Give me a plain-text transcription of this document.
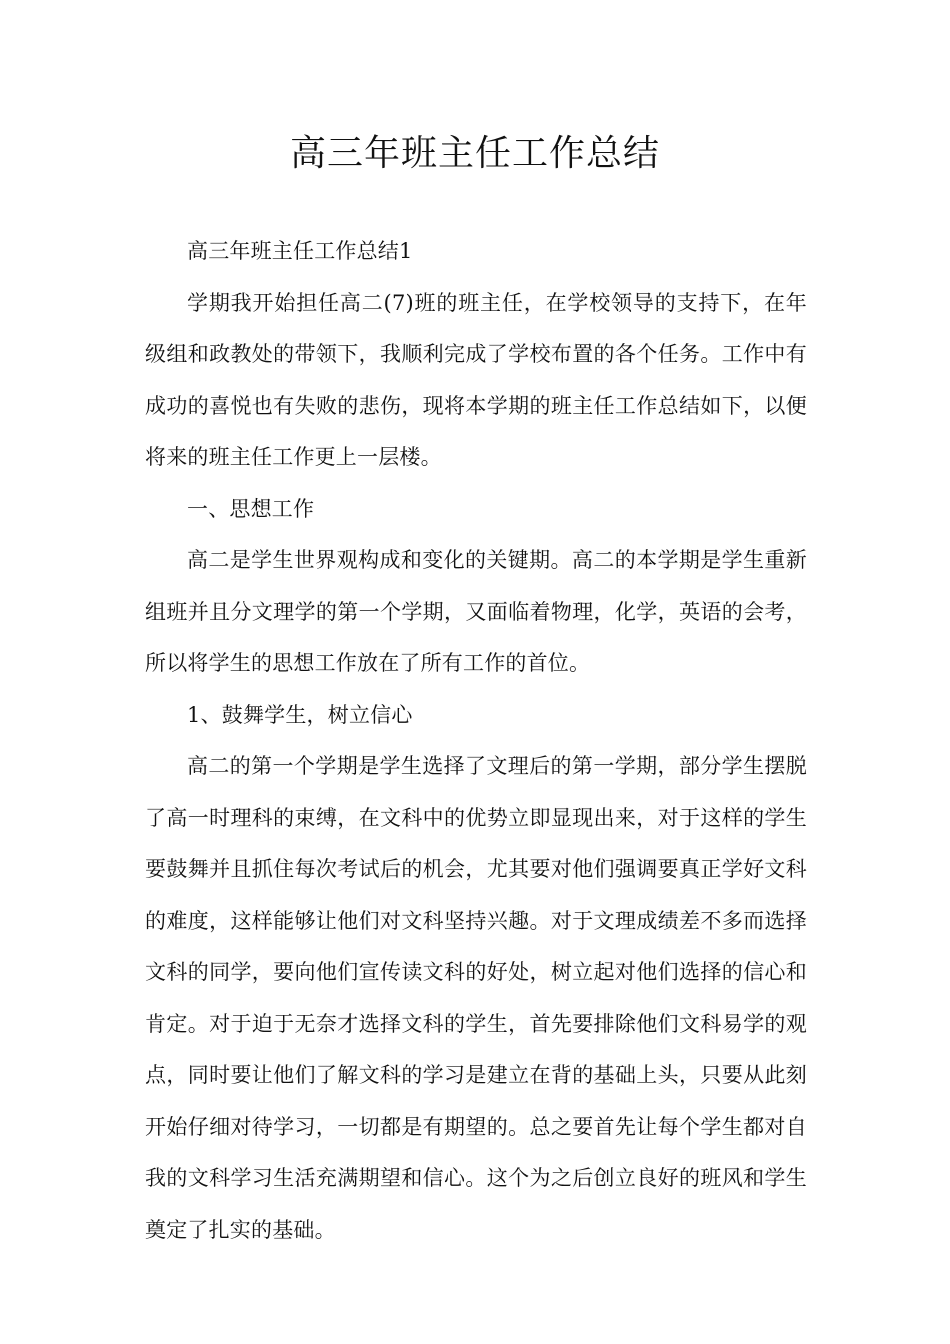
高三年班主任工作总结

高三年班主任工作总结1

学期我开始担任高二(7)班的班主任，在学校领导的支持下，在年级组和政教处的带领下，我顺利完成了学校布置的各个任务。工作中有成功的喜悦也有失败的悲伤，现将本学期的班主任工作总结如下，以便将来的班主任工作更上一层楼。

一、思想工作

高二是学生世界观构成和变化的关键期。高二的本学期是学生重新组班并且分文理学的第一个学期，又面临着物理，化学，英语的会考，所以将学生的思想工作放在了所有工作的首位。

1、鼓舞学生，树立信心

高二的第一个学期是学生选择了文理后的第一学期，部分学生摆脱了高一时理科的束缚，在文科中的优势立即显现出来，对于这样的学生要鼓舞并且抓住每次考试后的机会，尤其要对他们强调要真正学好文科的难度，这样能够让他们对文科坚持兴趣。对于文理成绩差不多而选择文科的同学，要向他们宣传读文科的好处，树立起对他们选择的信心和肯定。对于迫于无奈才选择文科的学生，首先要排除他们文科易学的观点，同时要让他们了解文科的学习是建立在背的基础上头，只要从此刻开始仔细对待学习，一切都是有期望的。总之要首先让每个学生都对自我的文科学习生活充满期望和信心。这个为之后创立良好的班风和学生奠定了扎实的基础。
